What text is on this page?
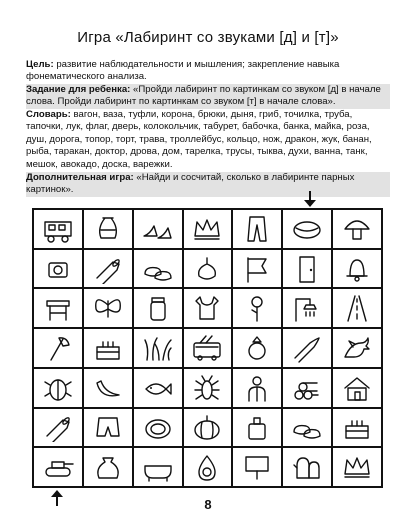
Игра «Лабиринт со звуками [д] и [т]»
Цель: развитие наблюдательности и мышления; закрепление навыка фонематического анализа.
Задание для ребенка: «Пройди лабиринт по картинкам со звуком [д] в начале слова. Пройди лабиринт по картинкам со звуком [т] в начале слова».
Словарь: вагон, ваза, туфли, корона, брюки, дыня, гриб, точилка, труба, тапочки, лук, флаг, дверь, колокольчик, табурет, бабочка, банка, майка, роза, душ, дорога, топор, торт, трава, троллейбус, кольцо, нож, дракон, жук, банан, рыба, таракан, доктор, дрова, дом, тарелка, трусы, тыква, духи, ванна, танк, мешок, авокадо, доска, варежки.
Дополнительная игра: «Найди и сосчитай, сколько в лабиринте парных картинок».
8
